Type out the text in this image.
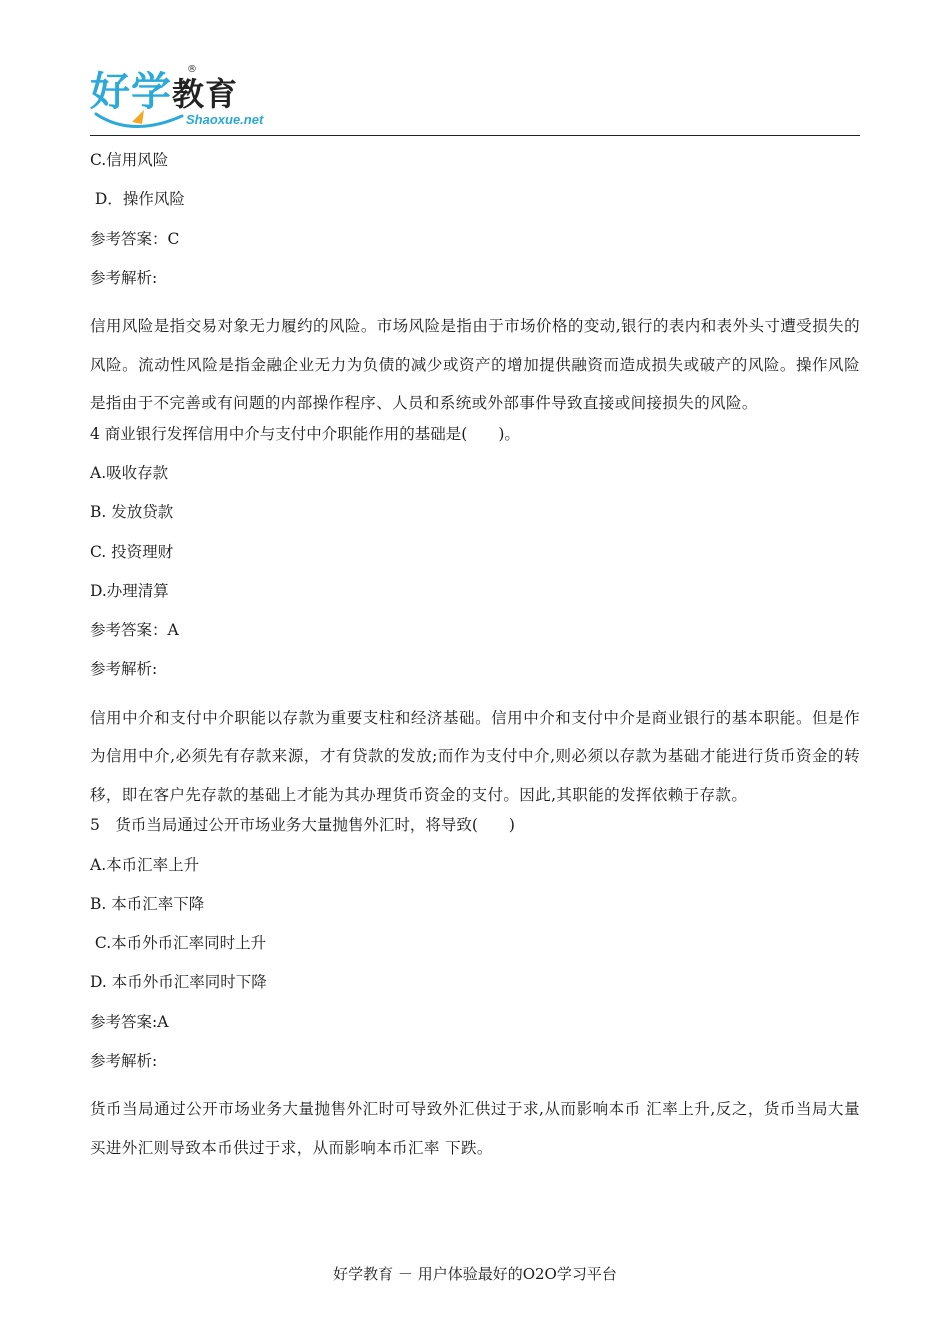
好学教育
®
Shaoxue.net
C.信用风险
D．操作风险
参考答案：C
参考解析:

信用风险是指交易对象无力履约的风险。市场风险是指由于市场价格的变动,银行的表内和表外头寸遭受损失的风险。流动性风险是指金融企业无力为负债的减少或资产的增加提供融资而造成损失或破产的风险。操作风险是指由于不完善或有问题的内部操作程序、人员和系统或外部事件导致直接或间接损失的风险。

4 商业银行发挥信用中介与支付中介职能作用的基础是(　　)。
A.吸收存款
B. 发放贷款
C. 投资理财
D.办理清算
参考答案：A
参考解析:

信用中介和支付中介职能以存款为重要支柱和经济基础。信用中介和支付中介是商业银行的基本职能。但是作为信用中介,必须先有存款来源，才有贷款的发放;而作为支付中介,则必须以存款为基础才能进行货币资金的转移，即在客户先存款的基础上才能为其办理货币资金的支付。因此,其职能的发挥依赖于存款。

5　货币当局通过公开市场业务大量抛售外汇时，将导致(　　)
A.本币汇率上升
B. 本币汇率下降
C.本币外币汇率同时上升
D. 本币外币汇率同时下降
参考答案:A
参考解析:

货币当局通过公开市场业务大量抛售外汇时可导致外汇供过于求,从而影响本币 汇率上升,反之，货币当局大量买进外汇则导致本币供过于求，从而影响本币汇率 下跌。

好学教育 － 用户体验最好的O2O学习平台
